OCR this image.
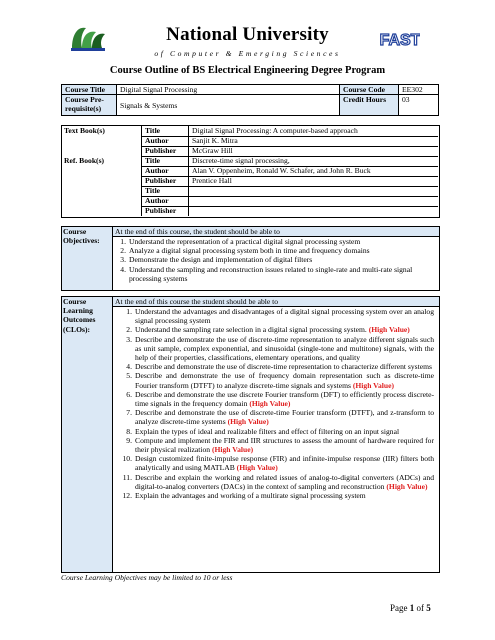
National University
of Computer & Emerging Sciences
FAST
Course Outline of BS Electrical Engineering Degree Program
Course Title	Digital Signal Processing	Course Code	EE302
Course Pre-requisite(s)	Signals & Systems	Credit Hours	03
Text Book(s)
Ref. Book(s)
Title	Digital Signal Processing: A computer-based approach
Author	Sanjit K. Mitra
Publisher McGraw Hill
Title	Discrete-time signal processing,
Author	Alan V. Oppenheim, Ronald W. Schafer, and John R. Buck
Publisher Prentice Hall
Title
Author
Publisher
Course Objectives:
At the end of this course, the student should be able to
1. Understand the representation of a practical digital signal processing system
2. Analyze a digital signal processing system both in time and frequency domains
3. Demonstrate the design and implementation of digital filters
4. Understand the sampling and reconstruction issues related to single-rate and multi-rate signal processing systems
Course Learning Outcomes (CLOs):
At the end of this course the student should be able to
1. Understand the advantages and disadvantages of a digital signal processing system over an analog signal processing system
2. Understand the sampling rate selection in a digital signal processing system. (High Value)
3. Describe and demonstrate the use of discrete-time representation to analyze different signals such as unit sample, complex exponential, and sinusoidal (single-tone and multitone) signals, with the help of their properties, classifications, elementary operations, and quality
4. Describe and demonstrate the use of discrete-time representation to characterize different systems
5. Describe and demonstrate the use of frequency domain representation such as discrete-time Fourier transform (DTFT) to analyze discrete-time signals and systems (High Value)
6. Describe and demonstrate the use discrete Fourier transform (DFT) to efficiently process discrete-time signals in the frequency domain (High Value)
7. Describe and demonstrate the use of discrete-time Fourier transform (DTFT), and z-transform to analyze discrete-time systems (High Value)
8. Explain the types of ideal and realizable filters and effect of filtering on an input signal
9. Compute and implement the FIR and IIR structures to assess the amount of hardware required for their physical realization (High Value)
10. Design customized finite-impulse response (FIR) and infinite-impulse response (IIR) filters both analytically and using MATLAB (High Value)
11. Describe and explain the working and related issues of analog-to-digital converters (ADCs) and digital-to-analog converters (DACs) in the context of sampling and reconstruction (High Value)
12. Explain the advantages and working of a multirate signal processing system
Course Learning Objectives may be limited to 10 or less
Page 1 of 5
